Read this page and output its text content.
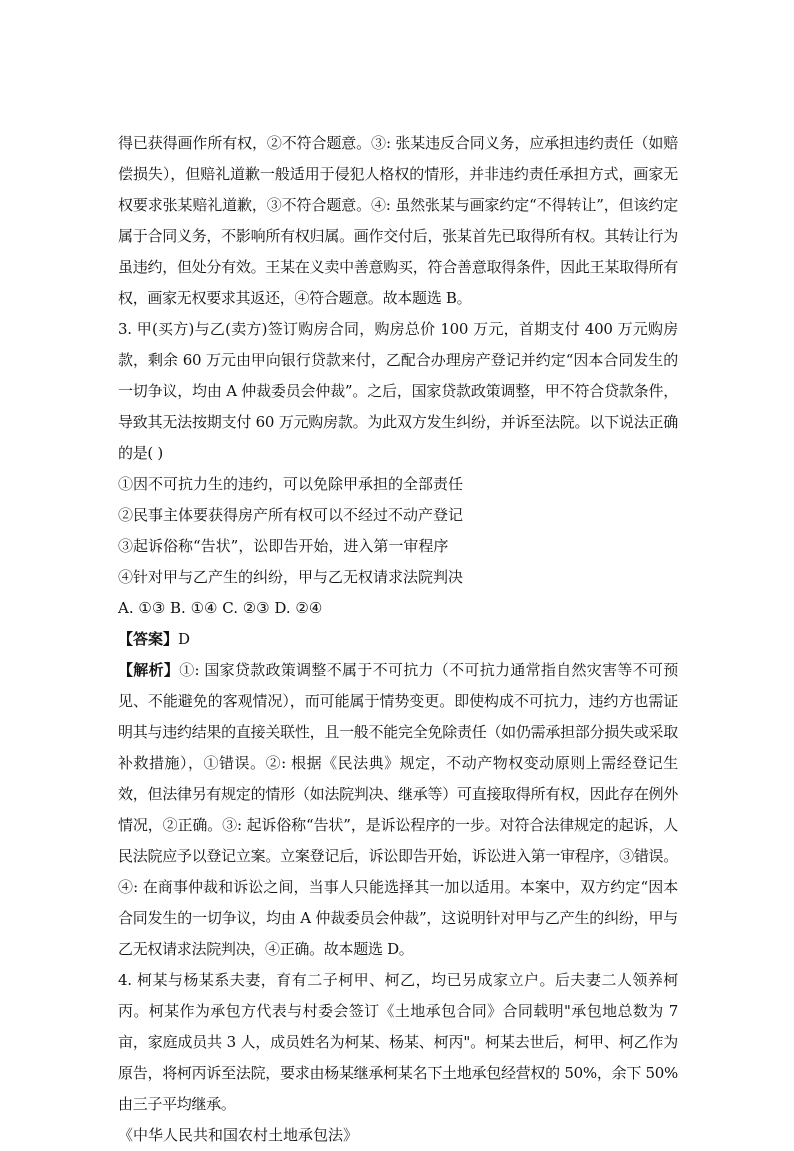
得已获得画作所有权，②不符合题意。③: 张某违反合同义务，应承担违约责任（如赔偿损失），但赔礼道歉一般适用于侵犯人格权的情形，并非违约责任承担方式，画家无权要求张某赔礼道歉，③不符合题意。④: 虽然张某与画家约定“不得转让”，但该约定属于合同义务，不影响所有权归属。画作交付后，张某首先已取得所有权。其转让行为虽违约，但处分有效。王某在义卖中善意购买，符合善意取得条件，因此王某取得所有权，画家无权要求其返还，④符合题意。故本题选 B。

3. 甲(买方)与乙(卖方)签订购房合同，购房总价 100 万元，首期支付 400 万元购房款，剩余 60 万元由甲向银行贷款来付，乙配合办理房产登记并约定“因本合同发生的一切争议，均由 A 仲裁委员会仲裁”。之后，国家贷款政策调整，甲不符合贷款条件，导致其无法按期支付 60 万元购房款。为此双方发生纠纷，并诉至法院。以下说法正确的是( )

①因不可抗力生的违约，可以免除甲承担的全部责任

②民事主体要获得房产所有权可以不经过不动产登记

③起诉俗称“告状”，讼即告开始，进入第一审程序

④针对甲与乙产生的纠纷，甲与乙无权请求法院判决

A. ①③ B. ①④ C. ②③ D. ②④

【答案】D

【解析】①: 国家贷款政策调整不属于不可抗力（不可抗力通常指自然灾害等不可预见、不能避免的客观情况），而可能属于情势变更。即使构成不可抗力，违约方也需证明其与违约结果的直接关联性，且一般不能完全免除责任（如仍需承担部分损失或采取补救措施），①错误。②: 根据《民法典》规定，不动产物权变动原则上需经登记生效，但法律另有规定的情形（如法院判决、继承等）可直接取得所有权，因此存在例外情况，②正确。③: 起诉俗称“告状”，是诉讼程序的一步。对符合法律规定的起诉，人民法院应予以登记立案。立案登记后，诉讼即告开始，诉讼进入第一审程序，③错误。④: 在商事仲裁和诉讼之间，当事人只能选择其一加以适用。本案中，双方约定“因本合同发生的一切争议，均由 A 仲裁委员会仲裁”，这说明针对甲与乙产生的纠纷，甲与乙无权请求法院判决，④正确。故本题选 D。

4. 柯某与杨某系夫妻，育有二子柯甲、柯乙，均已另成家立户。后夫妻二人领养柯丙。柯某作为承包方代表与村委会签订《土地承包合同》合同载明"承包地总数为 7 亩，家庭成员共 3 人，成员姓名为柯某、杨某、柯丙"。柯某去世后，柯甲、柯乙作为原告，将柯丙诉至法院，要求由杨某继承柯某名下土地承包经营权的 50%，余下 50%由三子平均继承。

《中华人民共和国农村土地承包法》
